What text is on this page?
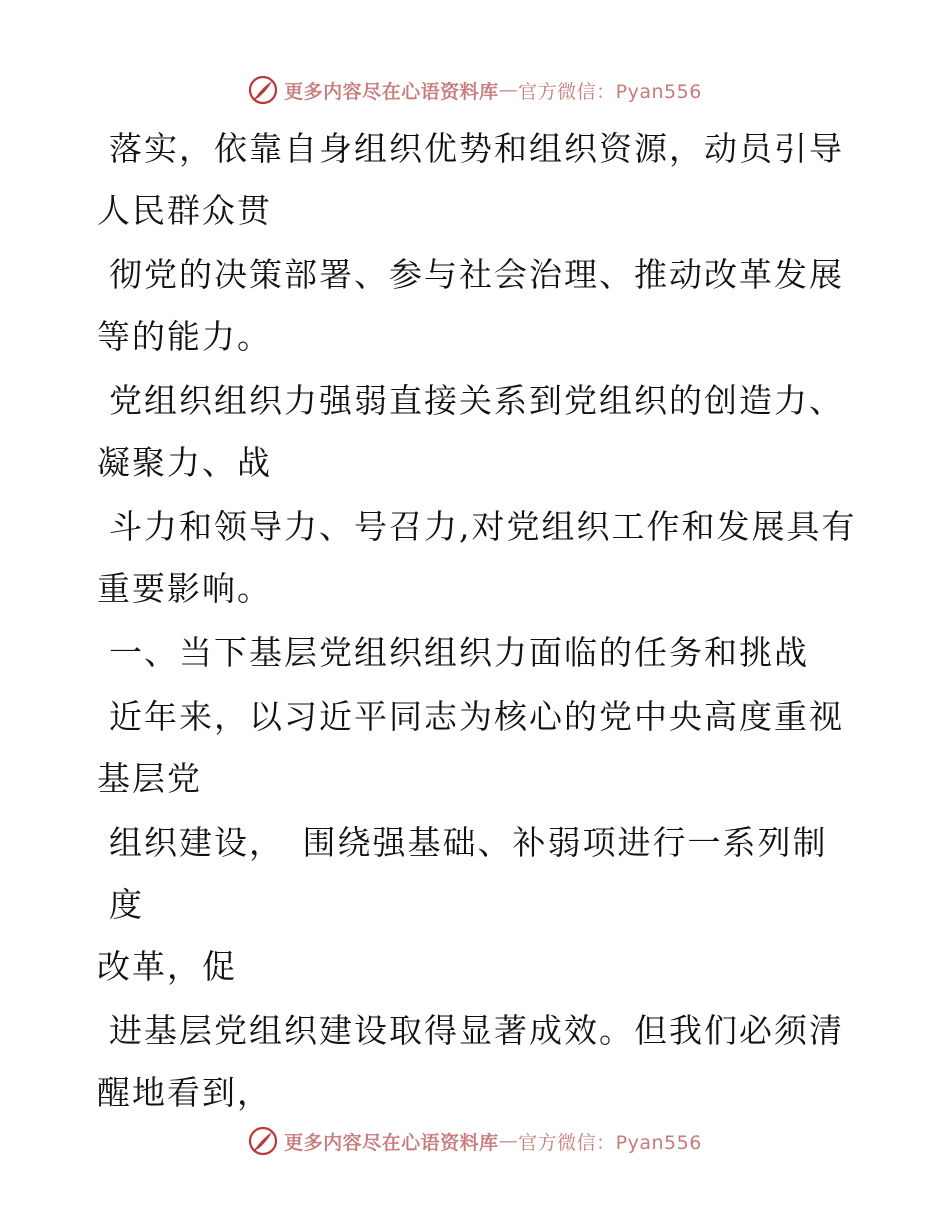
更多内容尽在心语资料库 — 官方微信：Pyan556

落实，依靠自身组织优势和组织资源，动员引导
人民群众贯

彻党的决策部署、参与社会治理、推动改革发展
等的能力。

党组织组织力强弱直接关系到党组织的创造力、
凝聚力、战

斗力和领导力、号召力,对党组织工作和发展具有
重要影响。

一、当下基层党组织组织力面临的任务和挑战

近年来，以习近平同志为核心的党中央高度重视
基层党

组织建设，　围绕强基础、补弱项进行一系列制度
改革，促

进基层党组织建设取得显著成效。但我们必须清
醒地看到，

更多内容尽在心语资料库 — 官方微信：Pyan556
